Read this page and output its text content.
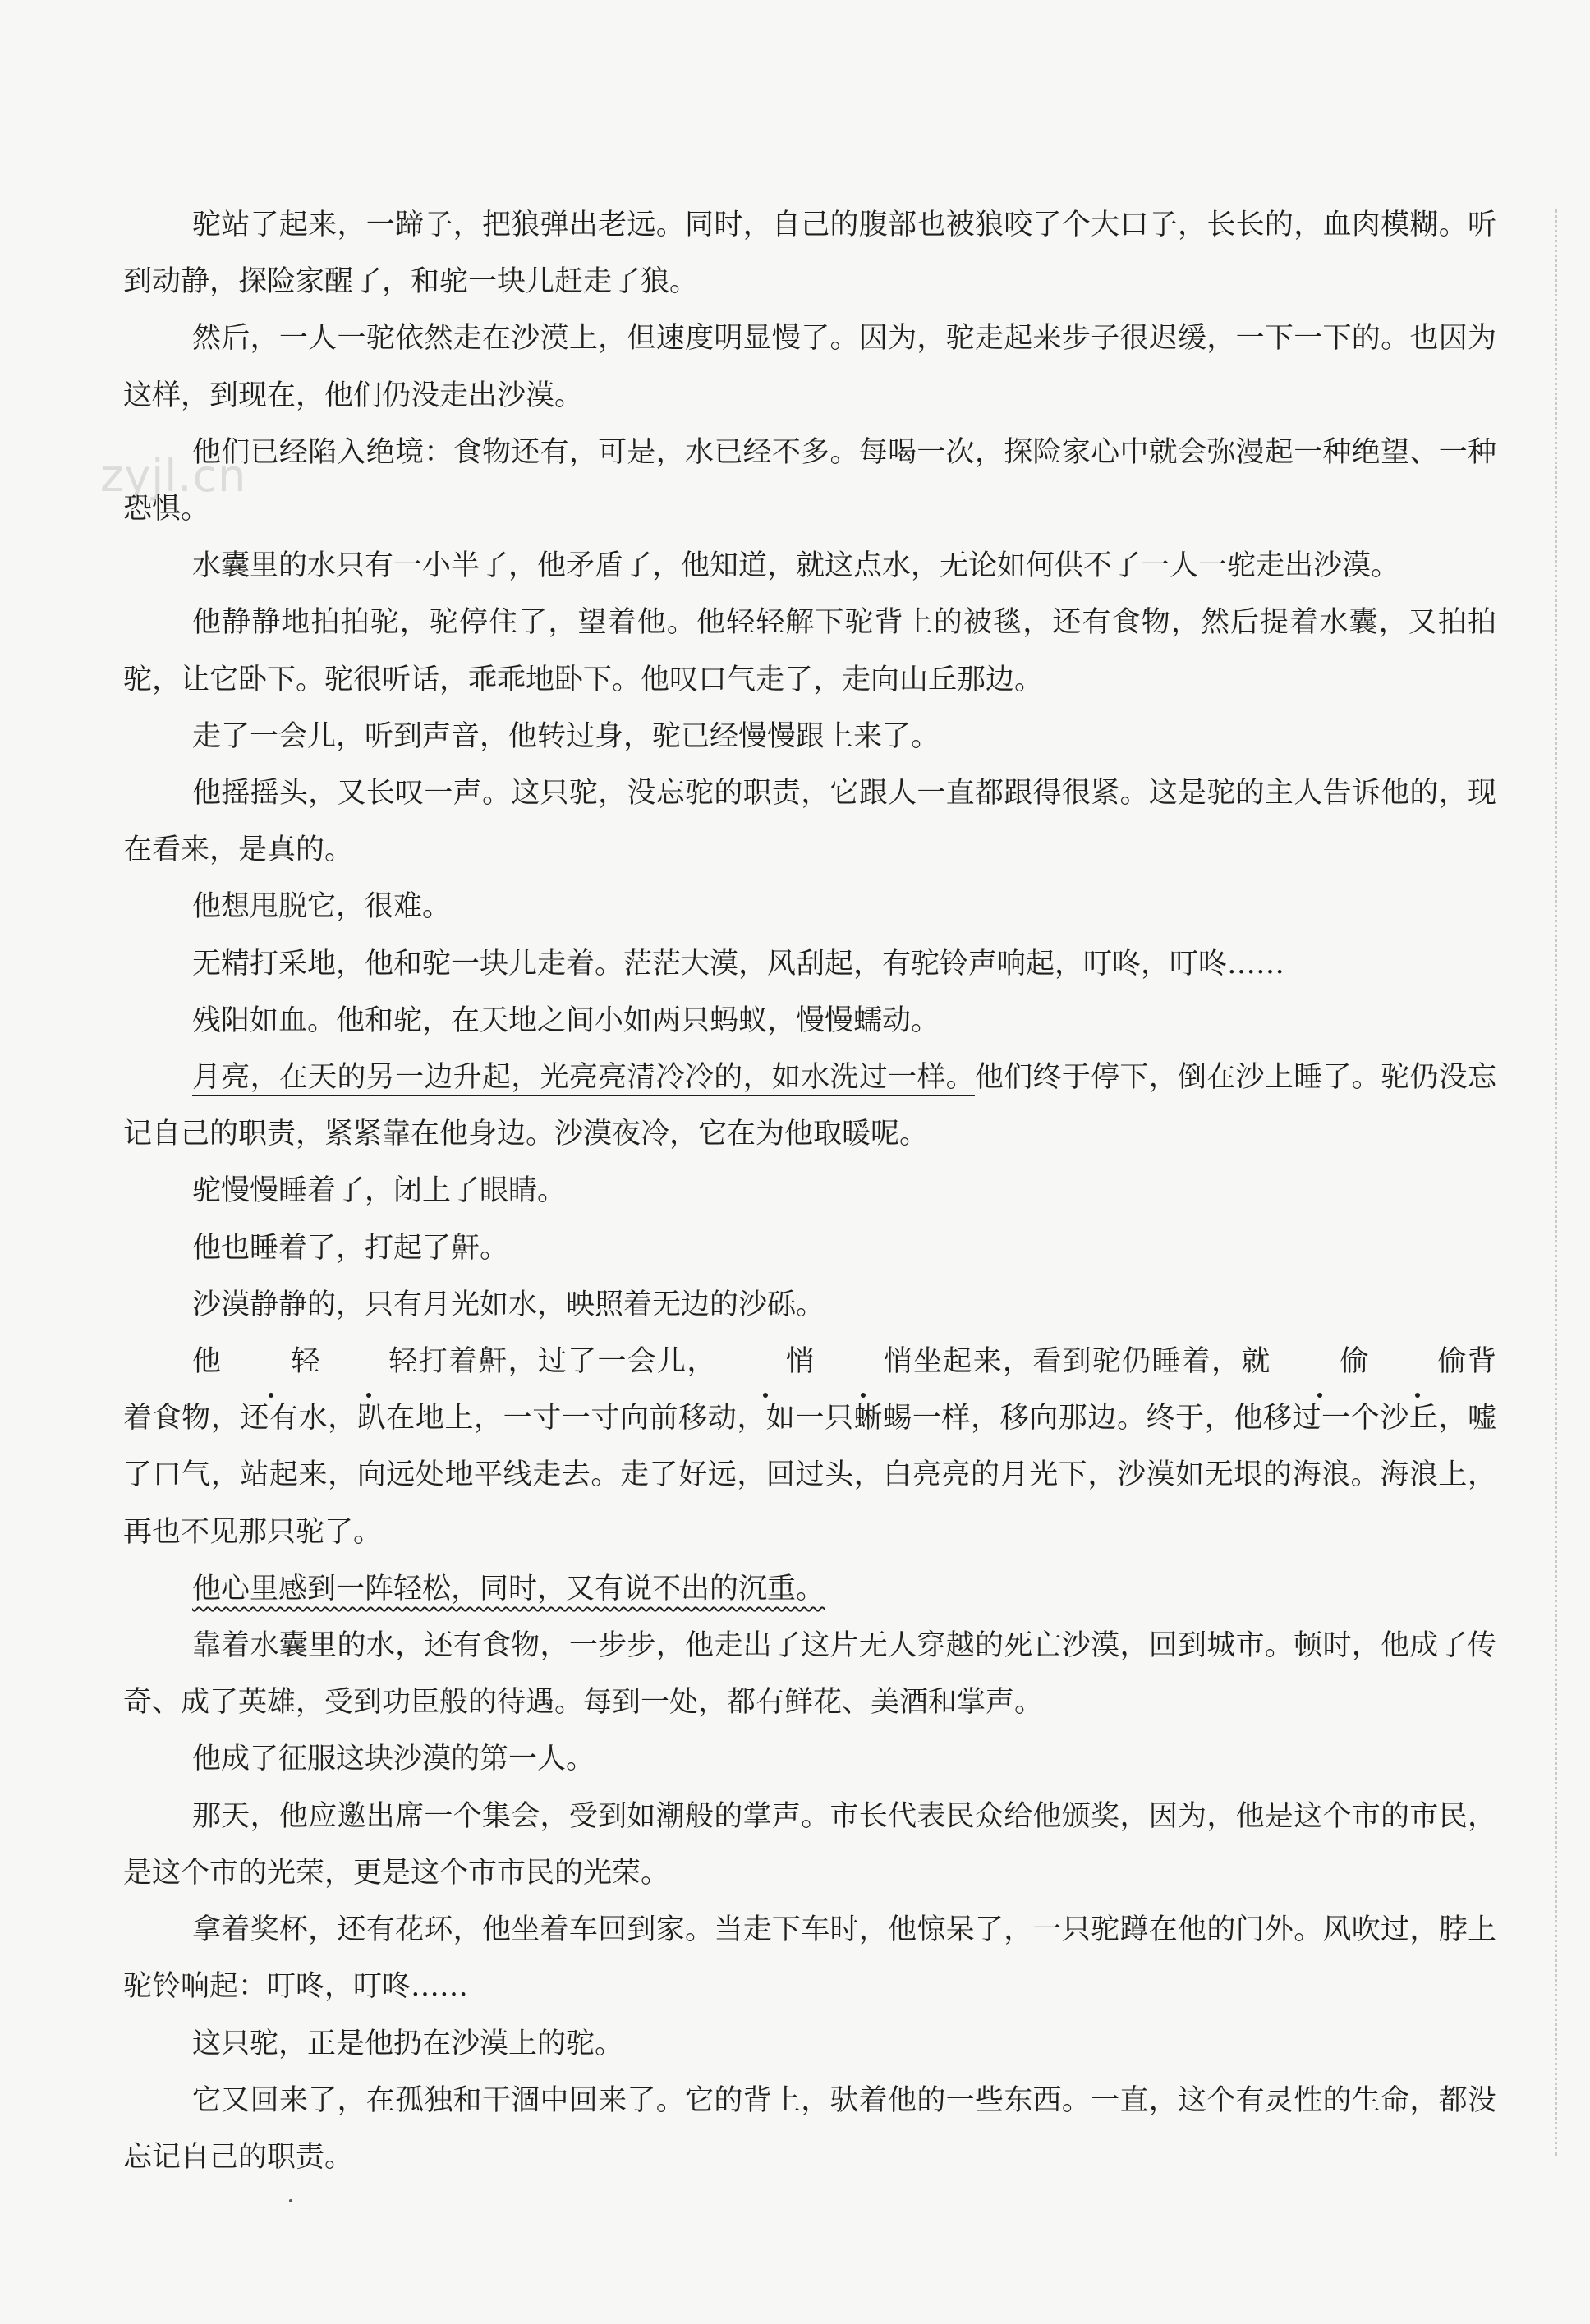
zyjl.cn

驼站了起来，一蹄子，把狼弹出老远。同时，自己的腹部也被狼咬了个大口子，长长的，血肉模糊。听到动静，探险家醒了，和驼一块儿赶走了狼。

然后，一人一驼依然走在沙漠上，但速度明显慢了。因为，驼走起来步子很迟缓，一下一下的。也因为这样，到现在，他们仍没走出沙漠。

他们已经陷入绝境：食物还有，可是，水已经不多。每喝一次，探险家心中就会弥漫起一种绝望、一种恐惧。

水囊里的水只有一小半了，他矛盾了，他知道，就这点水，无论如何供不了一人一驼走出沙漠。

他静静地拍拍驼，驼停住了，望着他。他轻轻解下驼背上的被毯，还有食物，然后提着水囊，又拍拍驼，让它卧下。驼很听话，乖乖地卧下。他叹口气走了，走向山丘那边。

走了一会儿，听到声音，他转过身，驼已经慢慢跟上来了。

他摇摇头，又长叹一声。这只驼，没忘驼的职责，它跟人一直都跟得很紧。这是驼的主人告诉他的，现在看来，是真的。

他想甩脱它，很难。

无精打采地，他和驼一块儿走着。茫茫大漠，风刮起，有驼铃声响起，叮咚，叮咚……

残阳如血。他和驼，在天地之间小如两只蚂蚁，慢慢蠕动。

月亮，在天的另一边升起，光亮亮清冷冷的，如水洗过一样。他们终于停下，倒在沙上睡了。驼仍没忘记自己的职责，紧紧靠在他身边。沙漠夜冷，它在为他取暖呢。

驼慢慢睡着了，闭上了眼睛。

他也睡着了，打起了鼾。

沙漠静静的，只有月光如水，映照着无边的沙砾。

他 轻 轻打着鼾，过了一会儿， 悄 悄坐起来，看到驼仍睡着，就 偷 偷背着食物，还有水，趴在地上，一寸一寸向前移动，如一只蜥蜴一样，移向那边。终于，他移过一个沙丘，嘘了口气，站起来，向远处地平线走去。走了好远，回过头，白亮亮的月光下，沙漠如无垠的海浪。海浪上，再也不见那只驼了。

他心里感到一阵轻松，同时，又有说不出的沉重。

靠着水囊里的水，还有食物，一步步，他走出了这片无人穿越的死亡沙漠，回到城市。顿时，他成了传奇、成了英雄，受到功臣般的待遇。每到一处，都有鲜花、美酒和掌声。

他成了征服这块沙漠的第一人。

那天，他应邀出席一个集会，受到如潮般的掌声。市长代表民众给他颁奖，因为，他是这个市的市民，是这个市的光荣，更是这个市市民的光荣。

拿着奖杯，还有花环，他坐着车回到家。当走下车时，他惊呆了，一只驼蹲在他的门外。风吹过，脖上驼铃响起：叮咚，叮咚……

这只驼，正是他扔在沙漠上的驼。

它又回来了，在孤独和干涸中回来了。它的背上，驮着他的一些东西。一直，这个有灵性的生命，都没忘记自己的职责。
